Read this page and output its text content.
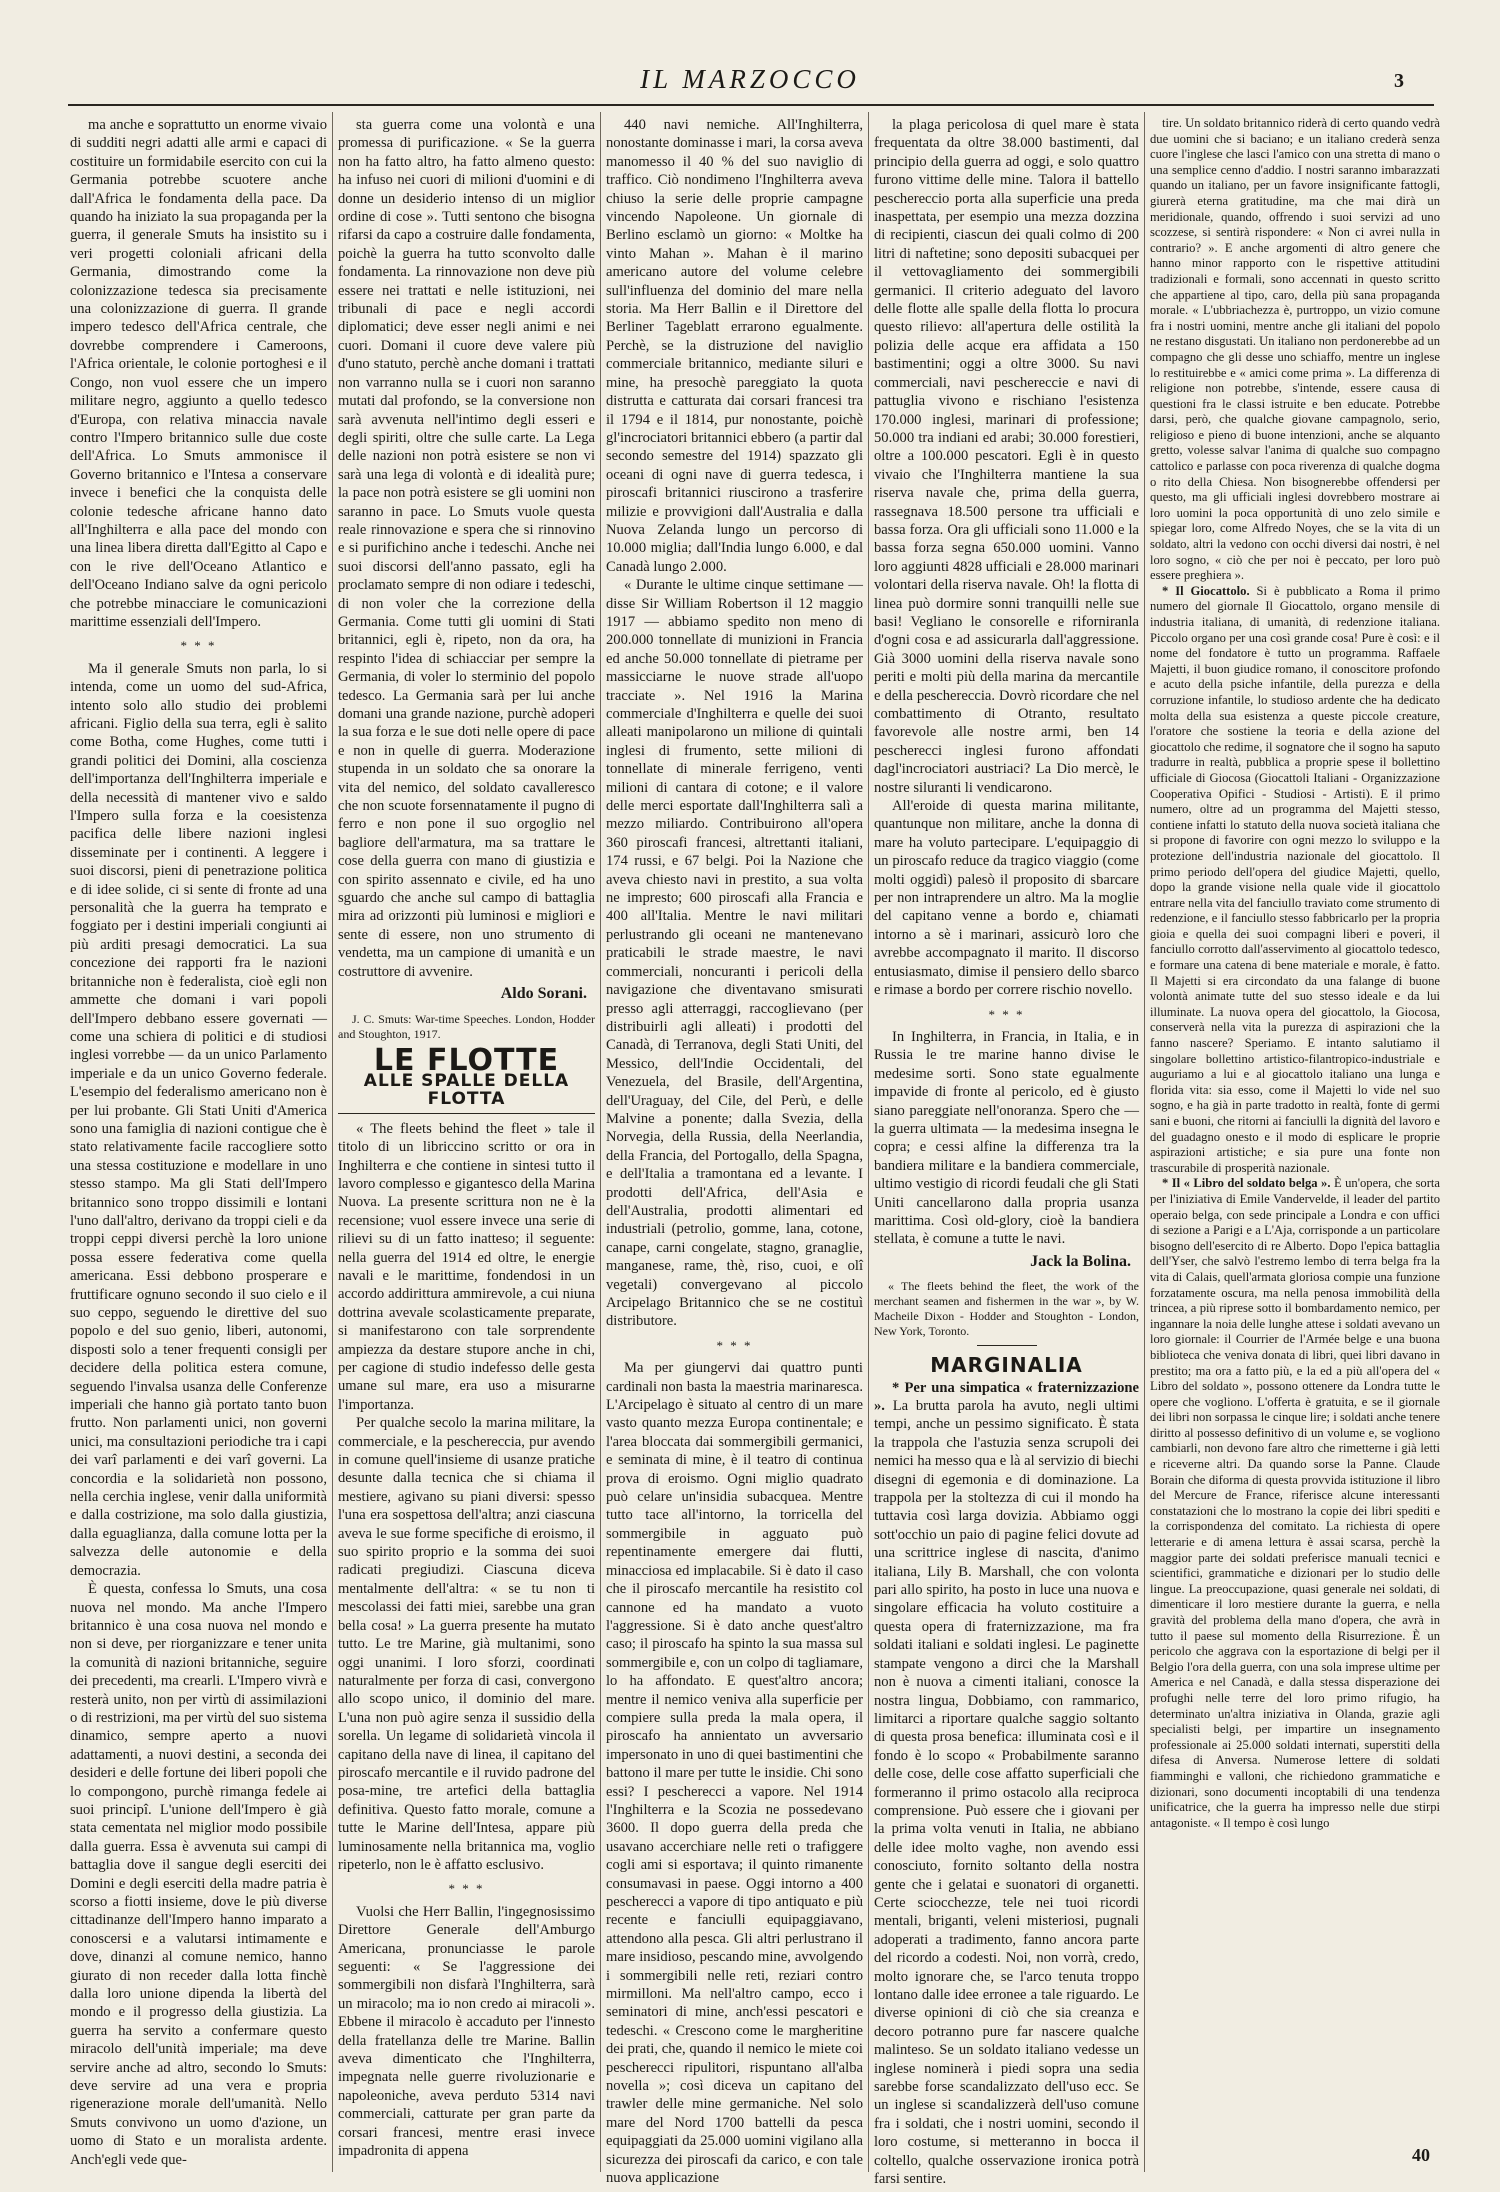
IL MARZOCCO	3

ma anche e soprattutto un enorme vivaio di sudditi negri adatti alle armi e capaci di costituire un formidabile esercito con cui la Germania potrebbe scuotere anche dall'Africa le fondamenta della pace. Da quando ha iniziato la sua propaganda per la guerra, il generale Smuts ha insistito su i veri progetti coloniali africani della Germania, dimostrando come la colonizzazione tedesca sia precisamente una colonizzazione di guerra. Il grande impero tedesco dell'Africa centrale, che dovrebbe comprendere i Cameroons, l'Africa orientale, le colonie portoghesi e il Congo, non vuol essere che un impero militare negro, aggiunto a quello tedesco d'Europa, con relativa minaccia navale contro l'Impero britannico sulle due coste dell'Africa. Lo Smuts ammonisce il Governo britannico e l'Intesa a conservare invece i benefici che la conquista delle colonie tedesche africane hanno dato all'Inghilterra e alla pace del mondo con una linea libera diretta dall'Egitto al Capo e con le rive dell'Oceano Atlantico e dell'Oceano Indiano salve da ogni pericolo che potrebbe minacciare le comunicazioni marittime essenziali dell'Impero.

* * *

Ma il generale Smuts non parla, lo si intenda, come un uomo del sud-Africa, intento solo allo studio dei problemi africani. Figlio della sua terra, egli è salito come Botha, come Hughes, come tutti i grandi politici dei Domini, alla coscienza dell'importanza dell'Inghilterra imperiale e della necessità di mantener vivo e saldo l'Impero sulla forza e la coesistenza pacifica delle libere nazioni inglesi disseminate per i continenti. A leggere i suoi discorsi, pieni di penetrazione politica e di idee solide, ci si sente di fronte ad una personalità che la guerra ha temprato e foggiato per i destini imperiali congiunti ai più arditi presagi democratici. La sua concezione dei rapporti fra le nazioni britanniche non è federalista, cioè egli non ammette che domani i vari popoli dell'Impero debbano essere governati — come una schiera di politici e di studiosi inglesi vorrebbe — da un unico Parlamento imperiale e da un unico Governo federale. L'esempio del federalismo americano non è per lui probante. Gli Stati Uniti d'America sono una famiglia di nazioni contigue che è stato relativamente facile raccogliere sotto una stessa costituzione e modellare in uno stesso stampo. Ma gli Stati dell'Impero britannico sono troppo dissimili e lontani l'uno dall'altro, derivano da troppi cieli e da troppi ceppi diversi perchè la loro unione possa essere federativa come quella americana. Essi debbono prosperare e fruttificare ognuno secondo il suo cielo e il suo ceppo, seguendo le direttive del suo popolo e del suo genio, liberi, autonomi, disposti solo a tener frequenti consigli per decidere della politica estera comune, seguendo l'invalsa usanza delle Conferenze imperiali che hanno già portato tanto buon frutto. Non parlamenti unici, non governi unici, ma consultazioni periodiche tra i capi dei varî parlamenti e dei varî governi. La concordia e la solidarietà non possono, nella cerchia inglese, venir dalla uniformità e dalla costrizione, ma solo dalla giustizia, dalla eguaglianza, dalla comune lotta per la salvezza delle autonomie e della democrazia.

È questa, confessa lo Smuts, una cosa nuova nel mondo. Ma anche l'Impero britannico è una cosa nuova nel mondo e non si deve, per riorganizzare e tener unita la comunità di nazioni britanniche, seguire dei precedenti, ma crearli. L'Impero vivrà e resterà unito, non per virtù di assimilazioni o di restrizioni, ma per virtù del suo sistema dinamico, sempre aperto a nuovi adattamenti, a nuovi destini, a seconda dei desideri e delle fortune dei liberi popoli che lo compongono, purchè rimanga fedele ai suoi principî. L'unione dell'Impero è già stata cementata nel miglior modo possibile dalla guerra. Essa è avvenuta sui campi di battaglia dove il sangue degli eserciti dei Domini e degli eserciti della madre patria è scorso a fiotti insieme, dove le più diverse cittadinanze dell'Impero hanno imparato a conoscersi e a valutarsi intimamente e dove, dinanzi al comune nemico, hanno giurato di non receder dalla lotta finchè dalla loro unione dipenda la libertà del mondo e il progresso della giustizia. La guerra ha servito a confermare questo miracolo dell'unità imperiale; ma deve servire anche ad altro, secondo lo Smuts: deve servire ad una vera e propria rigenerazione morale dell'umanità. Nello Smuts convivono un uomo d'azione, un uomo di Stato e un moralista ardente. Anch'egli vede que-

sta guerra come una volontà e una promessa di purificazione. « Se la guerra non ha fatto altro, ha fatto almeno questo: ha infuso nei cuori di milioni d'uomini e di donne un desiderio intenso di un miglior ordine di cose ». Tutti sentono che bisogna rifarsi da capo a costruire dalle fondamenta, poichè la guerra ha tutto sconvolto dalle fondamenta. La rinnovazione non deve più essere nei trattati e nelle istituzioni, nei tribunali di pace e negli accordi diplomatici; deve esser negli animi e nei cuori. Domani il cuore deve valere più d'uno statuto, perchè anche domani i trattati non varranno nulla se i cuori non saranno mutati dal profondo, se la conversione non sarà avvenuta nell'intimo degli esseri e degli spiriti, oltre che sulle carte. La Lega delle nazioni non potrà esistere se non vi sarà una lega di volontà e di idealità pure; la pace non potrà esistere se gli uomini non saranno in pace. Lo Smuts vuole questa reale rinnovazione e spera che si rinnovino e si purifichino anche i tedeschi. Anche nei suoi discorsi dell'anno passato, egli ha proclamato sempre di non odiare i tedeschi, di non voler che la correzione della Germania. Come tutti gli uomini di Stati britannici, egli è, ripeto, non da ora, ha respinto l'idea di schiacciar per sempre la Germania, di voler lo sterminio del popolo tedesco. La Germania sarà per lui anche domani una grande nazione, purchè adoperi la sua forza e le sue doti nelle opere di pace e non in quelle di guerra. Moderazione stupenda in un soldato che sa onorare la vita del nemico, del soldato cavalleresco che non scuote forsennatamente il pugno di ferro e non pone il suo orgoglio nel bagliore dell'armatura, ma sa trattare le cose della guerra con mano di giustizia e con spirito assennato e civile, ed ha uno sguardo che anche sul campo di battaglia mira ad orizzonti più luminosi e migliori e sente di essere, non uno strumento di vendetta, ma un campione di umanità e un costruttore di avvenire.

Aldo Sorani.
J. C. Smuts: War-time Speeches. London, Hodder and Stoughton, 1917.
LE FLOTTE
ALLE SPALLE DELLA FLOTTA

« The fleets behind the fleet » tale il titolo di un libriccino scritto or ora in Inghilterra e che contiene in sintesi tutto il lavoro complesso e gigantesco della Marina Nuova. La presente scrittura non ne è la recensione; vuol essere invece una serie di rilievi su di un fatto inatteso; il seguente: nella guerra del 1914 ed oltre, le energie navali e le marittime, fondendosi in un accordo addirittura ammirevole, a cui niuna dottrina avevale scolasticamente preparate, si manifestarono con tale sorprendente ampiezza da destare stupore anche in chi, per cagione di studio indefesso delle gesta umane sul mare, era uso a misurarne l'importanza.

Per qualche secolo la marina militare, la commerciale, e la peschereccia, pur avendo in comune quell'insieme di usanze pratiche desunte dalla tecnica che si chiama il mestiere, agivano su piani diversi: spesso l'una era sospettosa dell'altra; anzi ciascuna aveva le sue forme specifiche di eroismo, il suo spirito proprio e la somma dei suoi radicati pregiudizi. Ciascuna diceva mentalmente dell'altra: « se tu non ti mescolassi dei fatti miei, sarebbe una gran bella cosa! » La guerra presente ha mutato tutto. Le tre Marine, già multanimi, sono oggi unanimi. I loro sforzi, coordinati naturalmente per forza di casi, convergono allo scopo unico, il dominio del mare. L'una non può agire senza il sussidio della sorella. Un legame di solidarietà vincola il capitano della nave di linea, il capitano del piroscafo mercantile e il ruvido padrone del posa-mine, tre artefici della battaglia definitiva. Questo fatto morale, comune a tutte le Marine dell'Intesa, appare più luminosamente nella britannica ma, voglio ripeterlo, non le è affatto esclusivo.

* * *

Vuolsi che Herr Ballin, l'ingegnosissimo Direttore Generale dell'Amburgo Americana, pronunciasse le parole seguenti: « Se l'aggressione dei sommergibili non disfarà l'Inghilterra, sarà un miracolo; ma io non credo ai miracoli ». Ebbene il miracolo è accaduto per l'innesto della fratellanza delle tre Marine. Ballin aveva dimenticato che l'Inghilterra, impegnata nelle guerre rivoluzionarie e napoleoniche, aveva perduto 5314 navi commerciali, catturate per gran parte da corsari francesi, mentre erasi invece impadronita di appena

440 navi nemiche. All'Inghilterra, nonostante dominasse i mari, la corsa aveva manomesso il 40 % del suo naviglio di traffico. Ciò nondimeno l'Inghilterra aveva chiuso la serie delle proprie campagne vincendo Napoleone. Un giornale di Berlino esclamò un giorno: « Moltke ha vinto Mahan ». Mahan è il marino americano autore del volume celebre sull'influenza del dominio del mare nella storia. Ma Herr Ballin e il Direttore del Berliner Tageblatt errarono egualmente. Perchè, se la distruzione del naviglio commerciale britannico, mediante siluri e mine, ha presochè pareggiato la quota distrutta e catturata dai corsari francesi tra il 1794 e il 1814, pur nonostante, poichè gl'incrociatori britannici ebbero (a partir dal secondo semestre del 1914) spazzato gli oceani di ogni nave di guerra tedesca, i piroscafi britannici riuscirono a trasferire milizie e provvigioni dall'Australia e dalla Nuova Zelanda lungo un percorso di 10.000 miglia; dall'India lungo 6.000, e dal Canadà lungo 2.000.

« Durante le ultime cinque settimane — disse Sir William Robertson il 12 maggio 1917 — abbiamo spedito non meno di 200.000 tonnellate di munizioni in Francia ed anche 50.000 tonnellate di pietrame per massicciarne le nuove strade all'uopo tracciate ». Nel 1916 la Marina commerciale d'Inghilterra e quelle dei suoi alleati manipolarono un milione di quintali inglesi di frumento, sette milioni di tonnellate di minerale ferrigeno, venti milioni di cantara di cotone; e il valore delle merci esportate dall'Inghilterra salì a mezzo miliardo. Contribuirono all'opera 360 piroscafi francesi, altrettanti italiani, 174 russi, e 67 belgi. Poi la Nazione che aveva chiesto navi in prestito, a sua volta ne impresto; 600 piroscafi alla Francia e 400 all'Italia. Mentre le navi militari perlustrando gli oceani ne mantenevano praticabili le strade maestre, le navi commerciali, noncuranti i pericoli della navigazione che diventavano smisurati presso agli atterraggi, raccoglievano (per distribuirli agli alleati) i prodotti del Canadà, di Terranova, degli Stati Uniti, del Messico, dell'Indie Occidentali, del Venezuela, del Brasile, dell'Argentina, dell'Uraguay, del Cile, del Perù, e delle Malvine a ponente; dalla Svezia, della Norvegia, della Russia, della Neerlandia, della Francia, del Portogallo, della Spagna, e dell'Italia a tramontana ed a levante. I prodotti dell'Africa, dell'Asia e dell'Australia, prodotti alimentari ed industriali (petrolio, gomme, lana, cotone, canape, carni congelate, stagno, granaglie, manganese, rame, thè, riso, cuoi, e olî vegetali) convergevano al piccolo Arcipelago Britannico che se ne costituì distributore.

* * *

Ma per giungervi dai quattro punti cardinali non basta la maestria marinaresca. L'Arcipelago è situato al centro di un mare vasto quanto mezza Europa continentale; e l'area bloccata dai sommergibili germanici, e seminata di mine, è il teatro di continua prova di eroismo. Ogni miglio quadrato può celare un'insidia subacquea. Mentre tutto tace all'intorno, la torricella del sommergibile in agguato può repentinamente emergere dai flutti, minacciosa ed implacabile. Si è dato il caso che il piroscafo mercantile ha resistito col cannone ed ha mandato a vuoto l'aggressione. Si è dato anche quest'altro caso; il piroscafo ha spinto la sua massa sul sommergibile e, con un colpo di tagliamare, lo ha affondato. E quest'altro ancora; mentre il nemico veniva alla superficie per compiere sulla preda la mala opera, il piroscafo ha annientato un avversario impersonato in uno di quei bastimentini che battono il mare per tutte le insidie. Chi sono essi? I pescherecci a vapore. Nel 1914 l'Inghilterra e la Scozia ne possedevano 3600. Il dopo guerra della preda che usavano accerchiare nelle reti o trafiggere cogli ami si esportava; il quinto rimanente consumavasi in paese. Oggi intorno a 400 pescherecci a vapore di tipo antiquato e più recente e fanciulli equipaggiavano, attendono alla pesca. Gli altri perlustrano il mare insidioso, pescando mine, avvolgendo i sommergibili nelle reti, reziari contro mirmilloni. Ma nell'altro campo, ecco i seminatori di mine, anch'essi pescatori e tedeschi. « Crescono come le margheritine dei prati, che, quando il nemico le miete coi pescherecci ripulitori, rispuntano all'alba novella »; così diceva un capitano del trawler delle mine germaniche. Nel solo mare del Nord 1700 battelli da pesca equipaggiati da 25.000 uomini vigilano alla sicurezza dei piroscafi da carico, e con tale nuova applicazione

la plaga pericolosa di quel mare è stata frequentata da oltre 38.000 bastimenti, dal principio della guerra ad oggi, e solo quattro furono vittime delle mine. Talora il battello peschereccio porta alla superficie una preda inaspettata, per esempio una mezza dozzina di recipienti, ciascun dei quali colmo di 200 litri di naftetine; sono depositi subacquei per il vettovagliamento dei sommergibili germanici. Il criterio adeguato del lavoro delle flotte alle spalle della flotta lo procura questo rilievo: all'apertura delle ostilità la polizia delle acque era affidata a 150 bastimentini; oggi a oltre 3000. Su navi commerciali, navi peschereccie e navi di pattuglia vivono e rischiano l'esistenza 170.000 inglesi, marinari di professione; 50.000 tra indiani ed arabi; 30.000 forestieri, oltre a 100.000 pescatori. Egli è in questo vivaio che l'Inghilterra mantiene la sua riserva navale che, prima della guerra, rassegnava 18.500 persone tra ufficiali e bassa forza. Ora gli ufficiali sono 11.000 e la bassa forza segna 650.000 uomini. Vanno loro aggiunti 4828 ufficiali e 28.000 marinari volontari della riserva navale. Oh! la flotta di linea può dormire sonni tranquilli nelle sue basi! Vegliano le consorelle e riforniranla d'ogni cosa e ad assicurarla dall'aggressione. Già 3000 uomini della riserva navale sono periti e molti più della marina da mercantile e della peschereccia. Dovrò ricordare che nel combattimento di Otranto, resultato favorevole alle nostre armi, ben 14 pescherecci inglesi furono affondati dagl'incrociatori austriaci? La Dio mercè, le nostre siluranti li vendicarono.

All'eroide di questa marina militante, quantunque non militare, anche la donna di mare ha voluto partecipare. L'equipaggio di un piroscafo reduce da tragico viaggio (come molti oggidì) palesò il proposito di sbarcare per non intraprendere un altro. Ma la moglie del capitano venne a bordo e, chiamati intorno a sè i marinari, assicurò loro che avrebbe accompagnato il marito. Il discorso entusiasmato, dimise il pensiero dello sbarco e rimase a bordo per correre rischio novello.

* * *

In Inghilterra, in Francia, in Italia, e in Russia le tre marine hanno divise le medesime sorti. Sono state egualmente impavide di fronte al pericolo, ed è giusto siano pareggiate nell'onoranza. Spero che — la guerra ultimata — la medesima insegna le copra; e cessi alfine la differenza tra la bandiera militare e la bandiera commerciale, ultimo vestigio di ricordi feudali che gli Stati Uniti cancellarono dalla propria usanza marittima. Così old-glory, cioè la bandiera stellata, è comune a tutte le navi.

Jack la Bolina.
« The fleets behind the fleet, the work of the merchant seamen and fishermen in the war », by W. Macheile Dixon - Hodder and Stoughton - London, New York, Toronto.
MARGINALIA

* Per una simpatica « fraternizzazione ». La brutta parola ha avuto, negli ultimi tempi, anche un pessimo significato. È stata la trappola che l'astuzia senza scrupoli dei nemici ha messo qua e là al servizio di biechi disegni di egemonia e di dominazione. La trappola per la stoltezza di cui il mondo ha tuttavia così larga dovizia. Abbiamo oggi sott'occhio un paio di pagine felici dovute ad una scrittrice inglese di nascita, d'animo italiana, Lily B. Marshall, che con volonta pari allo spirito, ha posto in luce una nuova e singolare efficacia ha voluto costituire a questa opera di fraternizzazione, ma fra soldati italiani e soldati inglesi. Le paginette stampate vengono a dirci che la Marshall non è nuova a cimenti italiani, conosce la nostra lingua, Dobbiamo, con rammarico, limitarci a riportare qualche saggio soltanto di questa prosa benefica: illuminata così e il fondo è lo scopo « Probabilmente saranno delle cose, delle cose affatto superficiali che formeranno il primo ostacolo alla reciproca comprensione. Può essere che i giovani per la prima volta venuti in Italia, ne abbiano delle idee molto vaghe, non avendo essi conosciuto, fornito soltanto della nostra gente che i gelatai e suonatori di organetti. Certe sciocchezze, tele nei tuoi ricordi mentali, briganti, veleni misteriosi, pugnali adoperati a tradimento, fanno ancora parte del ricordo a codesti. Noi, non vorrà, credo, molto ignorare che, se l'arco tenuta troppo lontano dalle idee erronee a tale riguardo. Le diverse opinioni di ciò che sia creanza e decoro potranno pure far nascere qualche malinteso. Se un soldato italiano vedesse un inglese nominerà i piedi sopra una sedia sarebbe forse scandalizzato dell'uso ecc. Se un inglese si scandalizzerà dell'uso comune fra i soldati, che i nostri uomini, secondo il loro costume, si metteranno in bocca il coltello, qualche osservazione ironica potrà farsi sentire.

tire. Un soldato britannico riderà di certo quando vedrà due uomini che si baciano; e un italiano crederà senza cuore l'inglese che lasci l'amico con una stretta di mano o una semplice cenno d'addio. I nostri saranno imbarazzati quando un italiano, per un favore insignificante fattogli, giurerà eterna gratitudine, ma che mai dirà un meridionale, quando, offrendo i suoi servizi ad uno scozzese, si sentirà rispondere: « Non ci avrei nulla in contrario? ». E anche argomenti di altro genere che hanno minor rapporto con le rispettive attitudini tradizionali e formali, sono accennati in questo scritto che appartiene al tipo, caro, della più sana propaganda morale. « L'ubbriachezza è, purtroppo, un vizio comune fra i nostri uomini, mentre anche gli italiani del popolo ne restano disgustati. Un italiano non perdonerebbe ad un compagno che gli desse uno schiaffo, mentre un inglese lo restituirebbe e « amici come prima ». La differenza di religione non potrebbe, s'intende, essere causa di questioni fra le classi istruite e ben educate. Potrebbe darsi, però, che qualche giovane campagnolo, serio, religioso e pieno di buone intenzioni, anche se alquanto gretto, volesse salvar l'anima di qualche suo compagno cattolico e parlasse con poca riverenza di qualche dogma o rito della Chiesa. Non bisognerebbe offendersi per questo, ma gli ufficiali inglesi dovrebbero mostrare ai loro uomini la poca opportunità di uno zelo simile e spiegar loro, come Alfredo Noyes, che se la vita di un soldato, altri la vedono con occhi diversi dai nostri, è nel loro sogno, « ciò che per noi è peccato, per loro può essere preghiera ».

* Il Giocattolo. Si è pubblicato a Roma il primo numero del giornale Il Giocattolo, organo mensile di industria italiana, di umanità, di redenzione italiana. Piccolo organo per una così grande cosa! Pure è così: e il nome del fondatore è tutto un programma. Raffaele Majetti, il buon giudice romano, il conoscitore profondo e acuto della psiche infantile, della purezza e della corruzione infantile, lo studioso ardente che ha dedicato molta della sua esistenza a queste piccole creature, l'oratore che sostiene la teoria e della azione del giocattolo che redime, il sognatore che il sogno ha saputo tradurre in realtà, pubblica a proprie spese il bollettino ufficiale di Giocosa (Giocattoli Italiani - Organizzazione Cooperativa Opifici - Studiosi - Artisti). E il primo numero, oltre ad un programma del Majetti stesso, contiene infatti lo statuto della nuova società italiana che si propone di favorire con ogni mezzo lo sviluppo e la protezione dell'industria nazionale del giocattolo. Il primo periodo dell'opera del giudice Majetti, quello, dopo la grande visione nella quale vide il giocattolo entrare nella vita del fanciullo traviato come strumento di redenzione, e il fanciullo stesso fabbricarlo per la propria gioia e quella dei suoi compagni liberi e poveri, il fanciullo corrotto dall'asservimento al giocattolo tedesco, e formare una catena di bene materiale e morale, è fatto. Il Majetti si era circondato da una falange di buone volontà animate tutte del suo stesso ideale e da lui illuminate. La nuova opera del giocattolo, la Giocosa, conserverà nella vita la purezza di aspirazioni che la fanno nascere? Speriamo. E intanto salutiamo il singolare bollettino artistico-filantropico-industriale e auguriamo a lui e al giocattolo italiano una lunga e florida vita: sia esso, come il Majetti lo vide nel suo sogno, e ha già in parte tradotto in realtà, fonte di germi sani e buoni, che ritorni ai fanciulli la dignità del lavoro e del guadagno onesto e il modo di esplicare le proprie aspirazioni artistiche; e sia pure una fonte non trascurabile di prosperità nazionale.

* Il « Libro del soldato belga ». È un'opera, che sorta per l'iniziativa di Emile Vandervelde, il leader del partito operaio belga, con sede principale a Londra e con uffici di sezione a Parigi e a L'Aja, corrisponde a un particolare bisogno dell'esercito di re Alberto. Dopo l'epica battaglia dell'Yser, che salvò l'estremo lembo di terra belga fra la vita di Calais, quell'armata gloriosa compie una funzione forzatamente oscura, ma nella penosa immobilità della trincea, a più riprese sotto il bombardamento nemico, per ingannare la noia delle lunghe attese i soldati avevano un loro giornale: il Courrier de l'Armée belge e una buona biblioteca che veniva donata di libri, quei libri davano in prestito; ma ora a fatto più, e la ed a più all'opera del « Libro del soldato », possono ottenere da Londra tutte le opere che vogliono. L'offerta è gratuita, e se il giornale dei libri non sorpassa le cinque lire; i soldati anche tenere diritto al possesso definitivo di un volume e, se vogliono cambiarli, non devono fare altro che rimetterne i già letti e riceverne altri. Da quando sorse la Panne. Claude Borain che diforma di questa provvida istituzione il libro del Mercure de France, riferisce alcune interessanti constatazioni che lo mostrano la copie dei libri spediti e la corrispondenza del comitato. La richiesta di opere letterarie e di amena lettura è assai scarsa, perchè la maggior parte dei soldati preferisce manuali tecnici e scientifici, grammatiche e dizionari per lo studio delle lingue. La preoccupazione, quasi generale nei soldati, di dimenticare il loro mestiere durante la guerra, e nella gravità del problema della mano d'opera, che avrà in tutto il paese sul momento della Risurrezione. È un pericolo che aggrava con la esportazione di belgi per il Belgio l'ora della guerra, con una sola imprese ultime per America e nel Canadà, e dalla stessa disperazione dei profughi nelle terre del loro primo rifugio, ha determinato un'altra iniziativa in Olanda, grazie agli specialisti belgi, per impartire un insegnamento professionale ai 25.000 soldati internati, superstiti della difesa di Anversa. Numerose lettere di soldati fiamminghi e valloni, che richiedono grammatiche e dizionari, sono documenti incoptabili di una tendenza unificatrice, che la guerra ha impresso nelle due stirpi antagoniste. « Il tempo è così lungo

40
